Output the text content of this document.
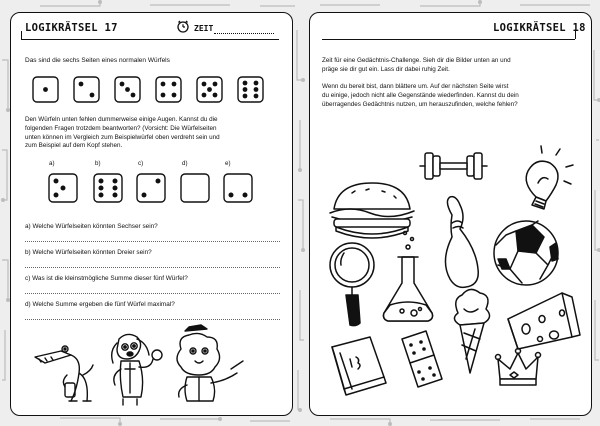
LOGIKRÄTSEL 17	ZEIT
Das sind die sechs Seiten eines normalen Würfels
Den Würfeln unten fehlen dummerweise einige Augen. Kannst du die
folgenden Fragen trotzdem beantworten? (Vorsicht: Die Würfelseiten
unten können im Vergleich zum Beispielwürfel oben verdreht sein und
zum Beispiel auf dem Kopf stehen.
a)	b)	c)	d)	e)
a) Welche Würfelseiten könnten Sechser sein?
b) Welche Würfelseiten könnten Dreier sein?
c) Was ist die kleinstmögliche Summe dieser fünf Würfel?
d) Welche Summe ergeben die fünf Würfel maximal?
LOGIKRÄTSEL 18
Zeit für eine Gedächtnis-Challenge. Sieh dir die Bilder unten an und
präge sie dir gut ein. Lass dir dabei ruhig Zeit.
Wenn du bereit bist, dann blättere um. Auf der nächsten Seite wirst
du einige, jedoch nicht alle Gegenstände wiederfinden. Kannst du dein
überragendes Gedächtnis nutzen, um herauszufinden, welche fehlen?
